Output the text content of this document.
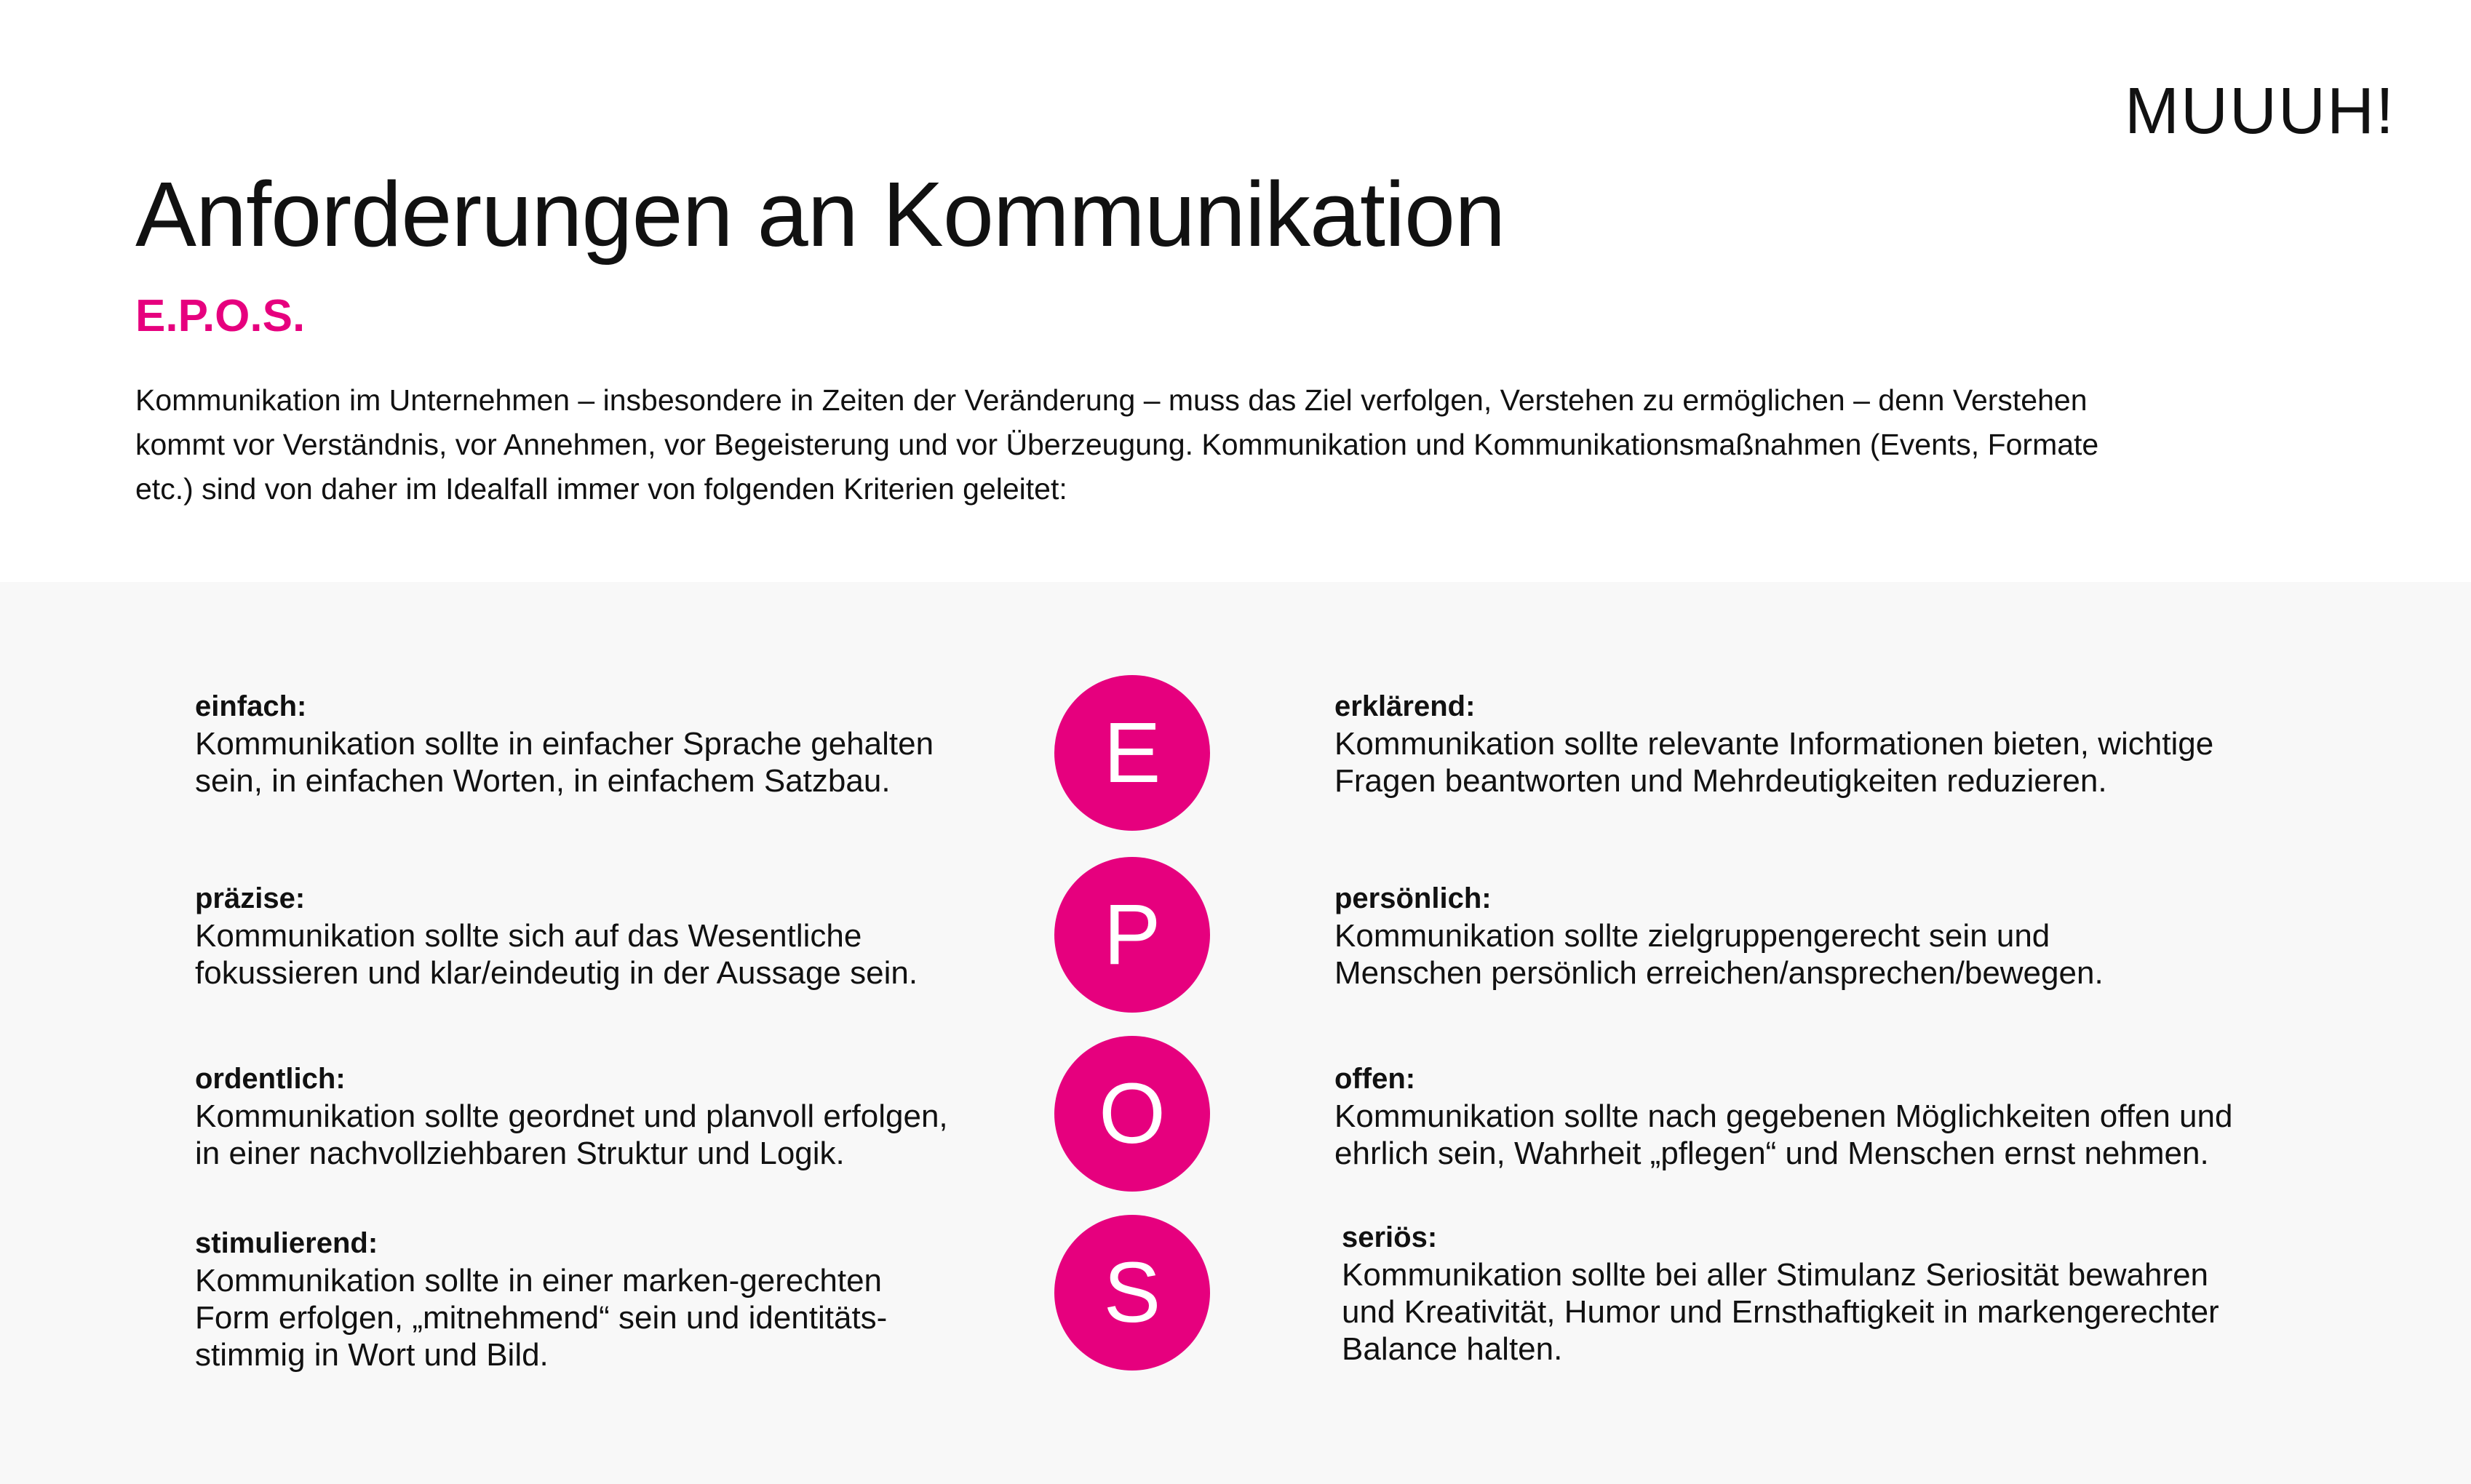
MUUUH!
Anforderungen an Kommunikation
E.P.O.S.

Kommunikation im Unternehmen – insbesondere in Zeiten der Veränderung – muss das Ziel verfolgen, Verstehen zu ermöglichen – denn Verstehen kommt vor Verständnis, vor Annehmen, vor Begeisterung und vor Überzeugung. Kommunikation und Kommunikationsmaßnahmen (Events, Formate etc.) sind von daher im Idealfall immer von folgenden Kriterien geleitet:

einfach:
Kommunikation sollte in einfacher Sprache gehalten sein, in einfachen Worten, in einfachem Satzbau.
präzise:
Kommunikation sollte sich auf das Wesentliche fokussieren und klar/eindeutig in der Aussage sein.
ordentlich:
Kommunikation sollte geordnet und planvoll erfolgen, in einer nachvollziehbaren Struktur und Logik.
stimulierend:
Kommunikation sollte in einer marken-gerechten Form erfolgen, „mitnehmend“ sein und identitäts-stimmig in Wort und Bild.
E
P
O
S
erklärend:
Kommunikation sollte relevante Informationen bieten, wichtige Fragen beantworten und Mehrdeutigkeiten reduzieren.
persönlich:
Kommunikation sollte zielgruppengerecht sein und Menschen persönlich erreichen/ansprechen/bewegen.
offen:
Kommunikation sollte nach gegebenen Möglichkeiten offen und ehrlich sein, Wahrheit „pflegen“ und Menschen ernst nehmen.
seriös:
Kommunikation sollte bei aller Stimulanz Seriosität bewahren und Kreativität, Humor und Ernsthaftigkeit in markengerechter Balance halten.
